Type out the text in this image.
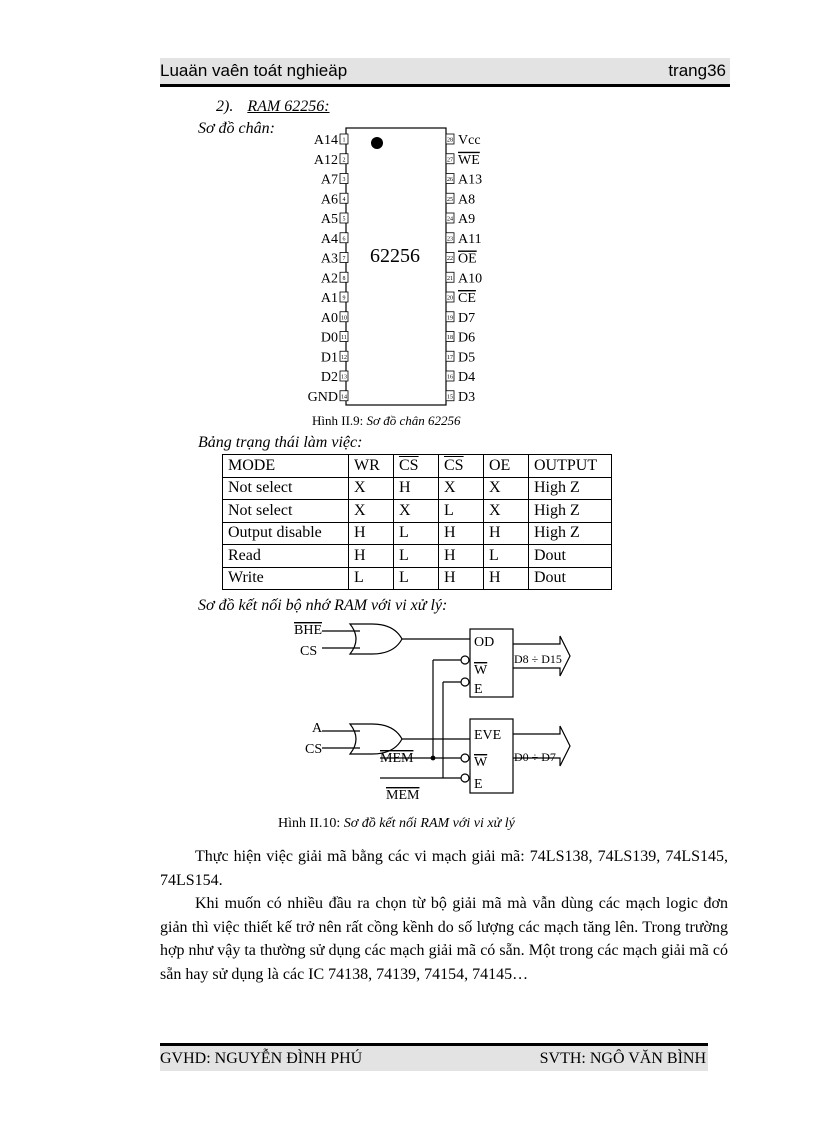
Luaän vaên toát nghieäp	trang36
2). RAM 62256:
Sơ đồ chân:
62256
1
A14
2
A12
3
A7
4
A6
5
A5
6
A4
7
A3
8
A2
9
A1
10
A0
11
D0
12
D1
13
D2
14
GND
28 Vcc
27 WE
26 A13
25 A8
24 A9
23 A11
22 OE
21 A10
20 CE
19 D7
18 D6
17 D5
16 D4
15 D3
Hình II.9: Sơ đồ chân 62256
Bảng trạng thái làm việc:
MODE	WR	$\overline{CS}$	$\overline{CS}$	OE	OUTPUT
Not select	X	H	X	X	High Z
Not select	X	X	L	X	High Z
Output disable	H	L	H	H	High Z
Read	H	L	H	L	Dout
Write	L	L	H	H	Dout
Sơ đồ kết nối bộ nhớ RAM với vi xử lý:
BHE
CS
A
CS
MEM
MEM
OD
W
E
EVE
W
E
D8 ÷ D15
D0 ÷ D7
Hình II.10: Sơ đồ kết nối RAM với vi xử lý
Thực hiện việc giải mã bằng các vi mạch giải mã: 74LS138, 74LS139, 74LS145, 74LS154.
Khi muốn có nhiều đầu ra chọn từ bộ giải mã mà vẫn dùng các mạch logic đơn giản thì việc thiết kế trở nên rất cồng kềnh do số lượng các mạch tăng lên. Trong trường hợp như vậy ta thường sử dụng các mạch giải mã có sẵn. Một trong các mạch giải mã có sẵn hay sử dụng là các IC 74138, 74139, 74154, 74145…
GVHD: NGUYỄN ĐÌNH PHÚ	SVTH: NGÔ VĂN BÌNH
